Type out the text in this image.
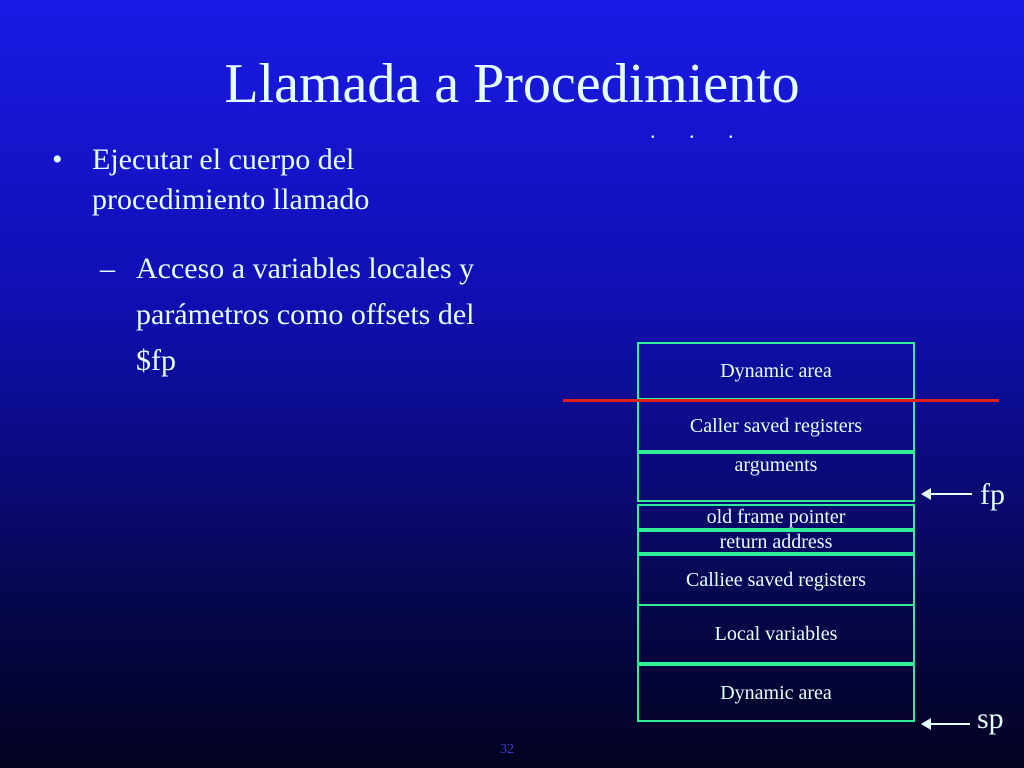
Llamada a Procedimiento
. . .
• Ejecutar el cuerpo del procedimiento llamado
– Acceso a variables locales y parámetros como offsets del $fp	Dynamic area
Caller saved registers
arguments
old frame pointer
return address
Calliee saved registers
Local variables
Dynamic area
fp
sp
32
